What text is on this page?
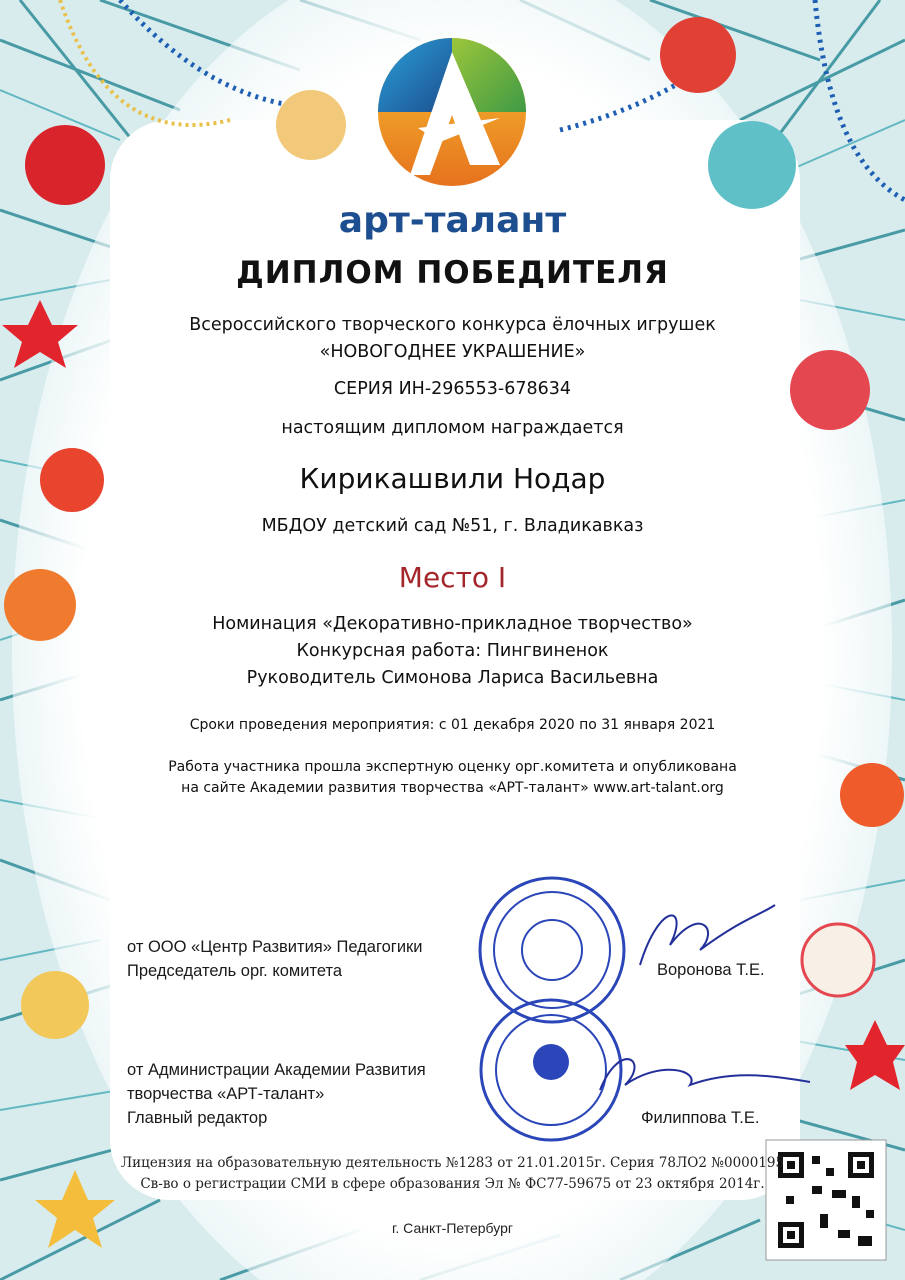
арт-талант
ДИПЛОМ ПОБЕДИТЕЛЯ
Всероссийского творческого конкурса ёлочных игрушек
«НОВОГОДНЕЕ УКРАШЕНИЕ»
СЕРИЯ ИН-296553-678634
настоящим дипломом награждается
Кирикашвили Нодар
МБДОУ детский сад №51, г. Владикавказ
Место I
Номинация «Декоративно-прикладное творчество»
Конкурсная работа: Пингвиненок
Руководитель Симонова Лариса Васильевна
Сроки проведения мероприятия: с 01 декабря 2020 по 31 января 2021
Работа участника прошла экспертную оценку орг.комитета и опубликована
на сайте Академии развития творчества «АРТ-талант» www.art-talant.org
от ООО «Центр Развития» Педагогики
Председатель орг. комитета	Воронова Т.Е.
от Администрации Академии Развития
творчества «АРТ-талант»
Главный редактор	Филиппова Т.Е.
Лицензия на образовательную деятельность №1283 от 21.01.2015г. Серия 78ЛО2 №0000195
Св-во о регистрации СМИ в сфере образования Эл № ФС77-59675 от 23 октября 2014г.
г. Санкт-Петербург
